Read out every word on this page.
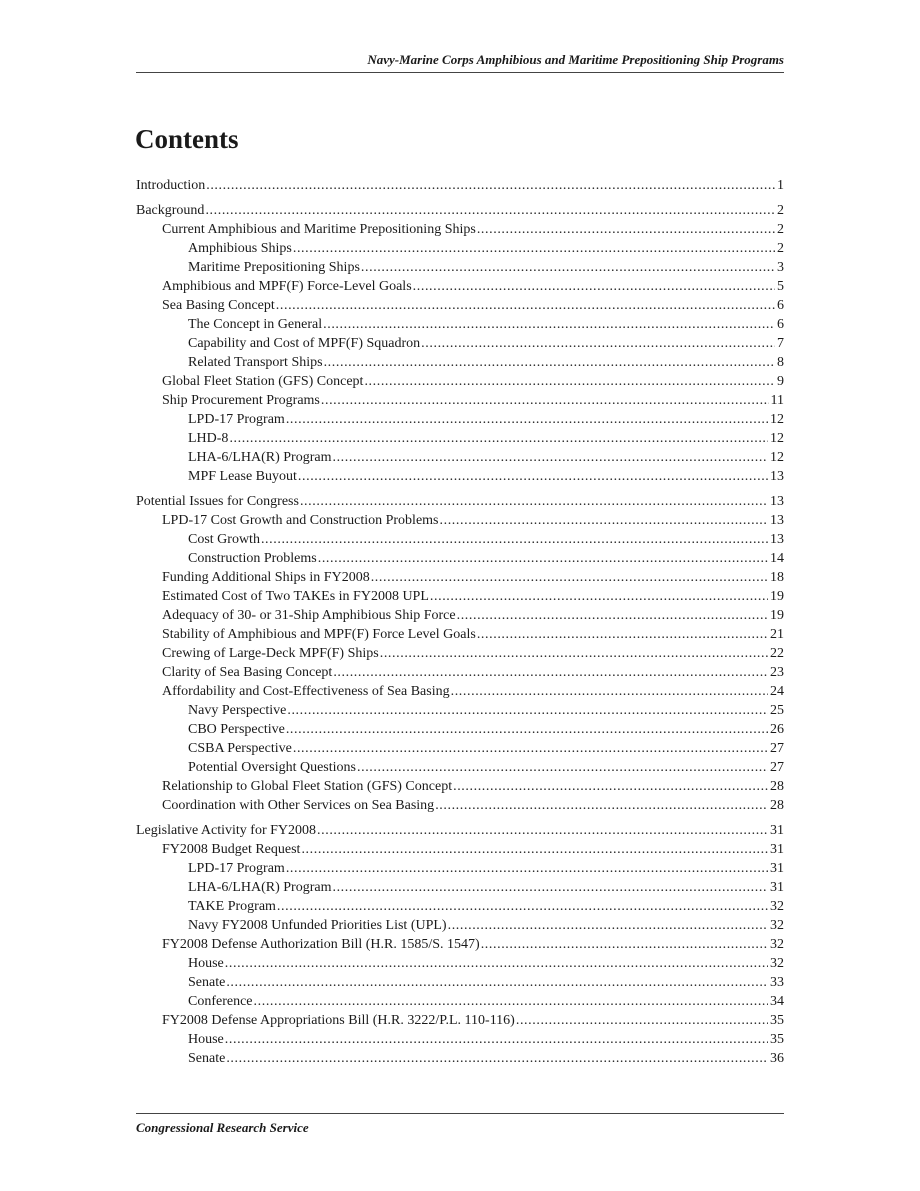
Navy-Marine Corps Amphibious and Maritime Prepositioning Ship Programs
Contents
Introduction .....	1
Background .....	2
Current Amphibious and Maritime Prepositioning Ships .....	2
Amphibious Ships .....	2
Maritime Prepositioning Ships .....	3
Amphibious and MPF(F) Force-Level Goals .....	5
Sea Basing Concept .....	6
The Concept in General .....	6
Capability and Cost of MPF(F) Squadron .....	7
Related Transport Ships .....	8
Global Fleet Station (GFS) Concept .....	9
Ship Procurement Programs .....	11
LPD-17 Program .....	12
LHD-8 .....	12
LHA-6/LHA(R) Program .....	12
MPF Lease Buyout .....	13
Potential Issues for Congress .....	13
LPD-17 Cost Growth and Construction Problems .....	13
Cost Growth .....	13
Construction Problems .....	14
Funding Additional Ships in FY2008 .....	18
Estimated Cost of Two TAKEs in FY2008 UPL .....	19
Adequacy of 30- or 31-Ship Amphibious Ship Force .....	19
Stability of Amphibious and MPF(F) Force Level Goals .....	21
Crewing of Large-Deck MPF(F) Ships .....	22
Clarity of Sea Basing Concept .....	23
Affordability and Cost-Effectiveness of Sea Basing .....	24
Navy Perspective .....	25
CBO Perspective .....	26
CSBA Perspective .....	27
Potential Oversight Questions .....	27
Relationship to Global Fleet Station (GFS) Concept .....	28
Coordination with Other Services on Sea Basing .....	28
Legislative Activity for FY2008 .....	31
FY2008 Budget Request .....	31
LPD-17 Program .....	31
LHA-6/LHA(R) Program .....	31
TAKE Program .....	32
Navy FY2008 Unfunded Priorities List (UPL) .....	32
FY2008 Defense Authorization Bill (H.R. 1585/S. 1547) .....	32
House .....	32
Senate .....	33
Conference .....	34
FY2008 Defense Appropriations Bill (H.R. 3222/P.L. 110-116) .....	35
House .....	35
Senate .....	36
Congressional Research Service
